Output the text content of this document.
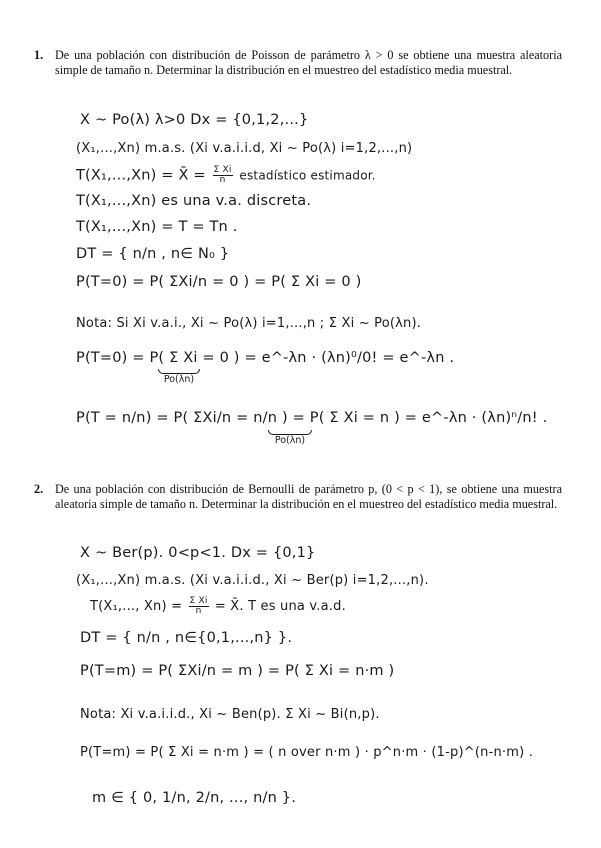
1. De una población con distribución de Poisson de parámetro λ > 0 se obtiene una muestra aleatoria simple de tamaño n. Determinar la distribución en el muestreo del estadístico media muestral.
X ~ Po(λ) λ>0 Dx = {0,1,2,...}
(X₁,...,Xn) m.a.s. (Xi v.a.i.i.d, Xi ~ Po(λ) i=1,2,...,n)
T(X₁,...,Xn) = X̄ = $\frac{\text{Σ Xi}}{n}$ estadístico estimador.
T(X₁,...,Xn) es una v.a. discreta.
T(X₁,...,Xn) = T = Tn .
DT = { n/n , n∈ N₀ }
P(T=0) = P( ΣXi/n = 0 ) = P( Σ Xi = 0 )
Nota: Si Xi v.a.i., Xi ~ Po(λ) i=1,...,n ; Σ Xi ~ Po(λn).
P(T=0) = P( Σ Xi = 0 ) = e^-λn · (λn)⁰/0! = e^-λn .
Po(λn)
P(T = n/n) = P( ΣXi/n = n/n ) = P( Σ Xi = n ) = e^-λn · (λn)ⁿ/n! .
Po(λn)
2. De una población con distribución de Bernoulli de parámetro p, (0 < p < 1), se obtiene una muestra aleatoria simple de tamaño n. Determinar la distribución en el muestreo del estadístico media muestral.
X ~ Ber(p). 0<p<1. Dx = {0,1}
(X₁,...,Xn) m.a.s. (Xi v.a.i.i.d., Xi ~ Ber(p) i=1,2,...,n).
T(X₁,..., $Xn) = \frac{\text{Σ Xi}}{n}$ = X̄. T es una v.a.d.
DT = { n/n , n∈{0,1,...,n} }.
P(T=m) = P( ΣXi/n = m ) = P( Σ Xi = n·m )
Nota: Xi v.a.i.i.d., Xi ~ Ben(p). Σ Xi ~ Bi(n,p).
P(T=m) = P( Σ Xi = n·m ) = ( n over n·m ) · p^n·m · (1-p)^(n-n·m) .
m ∈ { 0, 1/n, 2/n, ..., n/n }.
